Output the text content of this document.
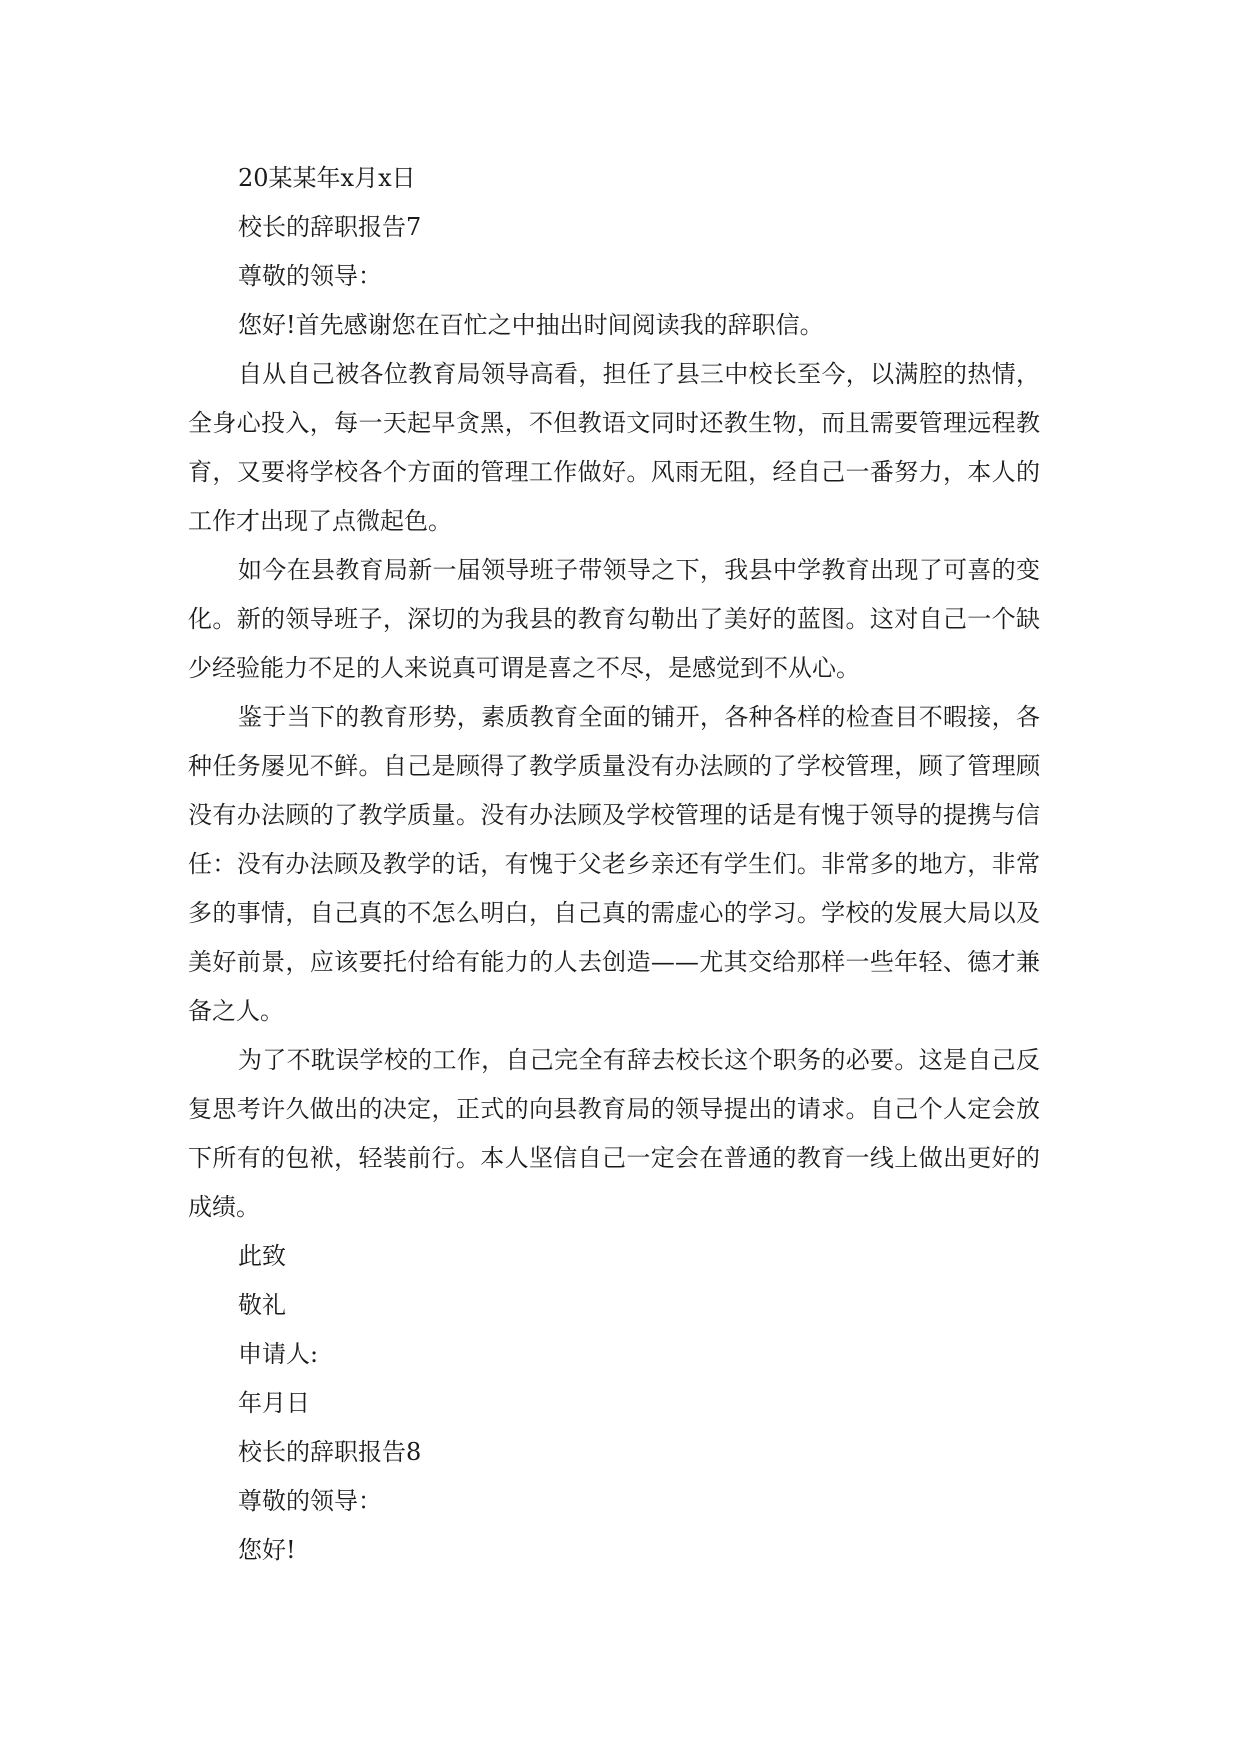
20某某年x月x日

校长的辞职报告7

尊敬的领导：

您好!首先感谢您在百忙之中抽出时间阅读我的辞职信。

自从自己被各位教育局领导高看，担任了县三中校长至今，以满腔的热情，全身心投入，每一天起早贪黑，不但教语文同时还教生物，而且需要管理远程教育，又要将学校各个方面的管理工作做好。风雨无阻，经自己一番努力，本人的工作才出现了点微起色。

如今在县教育局新一届领导班子带领导之下，我县中学教育出现了可喜的变化。新的领导班子，深切的为我县的教育勾勒出了美好的蓝图。这对自己一个缺少经验能力不足的人来说真可谓是喜之不尽，是感觉到不从心。

鉴于当下的教育形势，素质教育全面的铺开，各种各样的检查目不暇接，各种任务屡见不鲜。自己是顾得了教学质量没有办法顾的了学校管理，顾了管理顾没有办法顾的了教学质量。没有办法顾及学校管理的话是有愧于领导的提携与信任：没有办法顾及教学的话，有愧于父老乡亲还有学生们。非常多的地方，非常多的事情，自己真的不怎么明白，自己真的需虚心的学习。学校的发展大局以及美好前景，应该要托付给有能力的人去创造——尤其交给那样一些年轻、德才兼备之人。

为了不耽误学校的工作，自己完全有辞去校长这个职务的必要。这是自己反复思考许久做出的决定，正式的向县教育局的领导提出的请求。自己个人定会放下所有的包袱，轻装前行。本人坚信自己一定会在普通的教育一线上做出更好的成绩。

此致

敬礼

申请人:

年月日

校长的辞职报告8

尊敬的领导：

您好!
